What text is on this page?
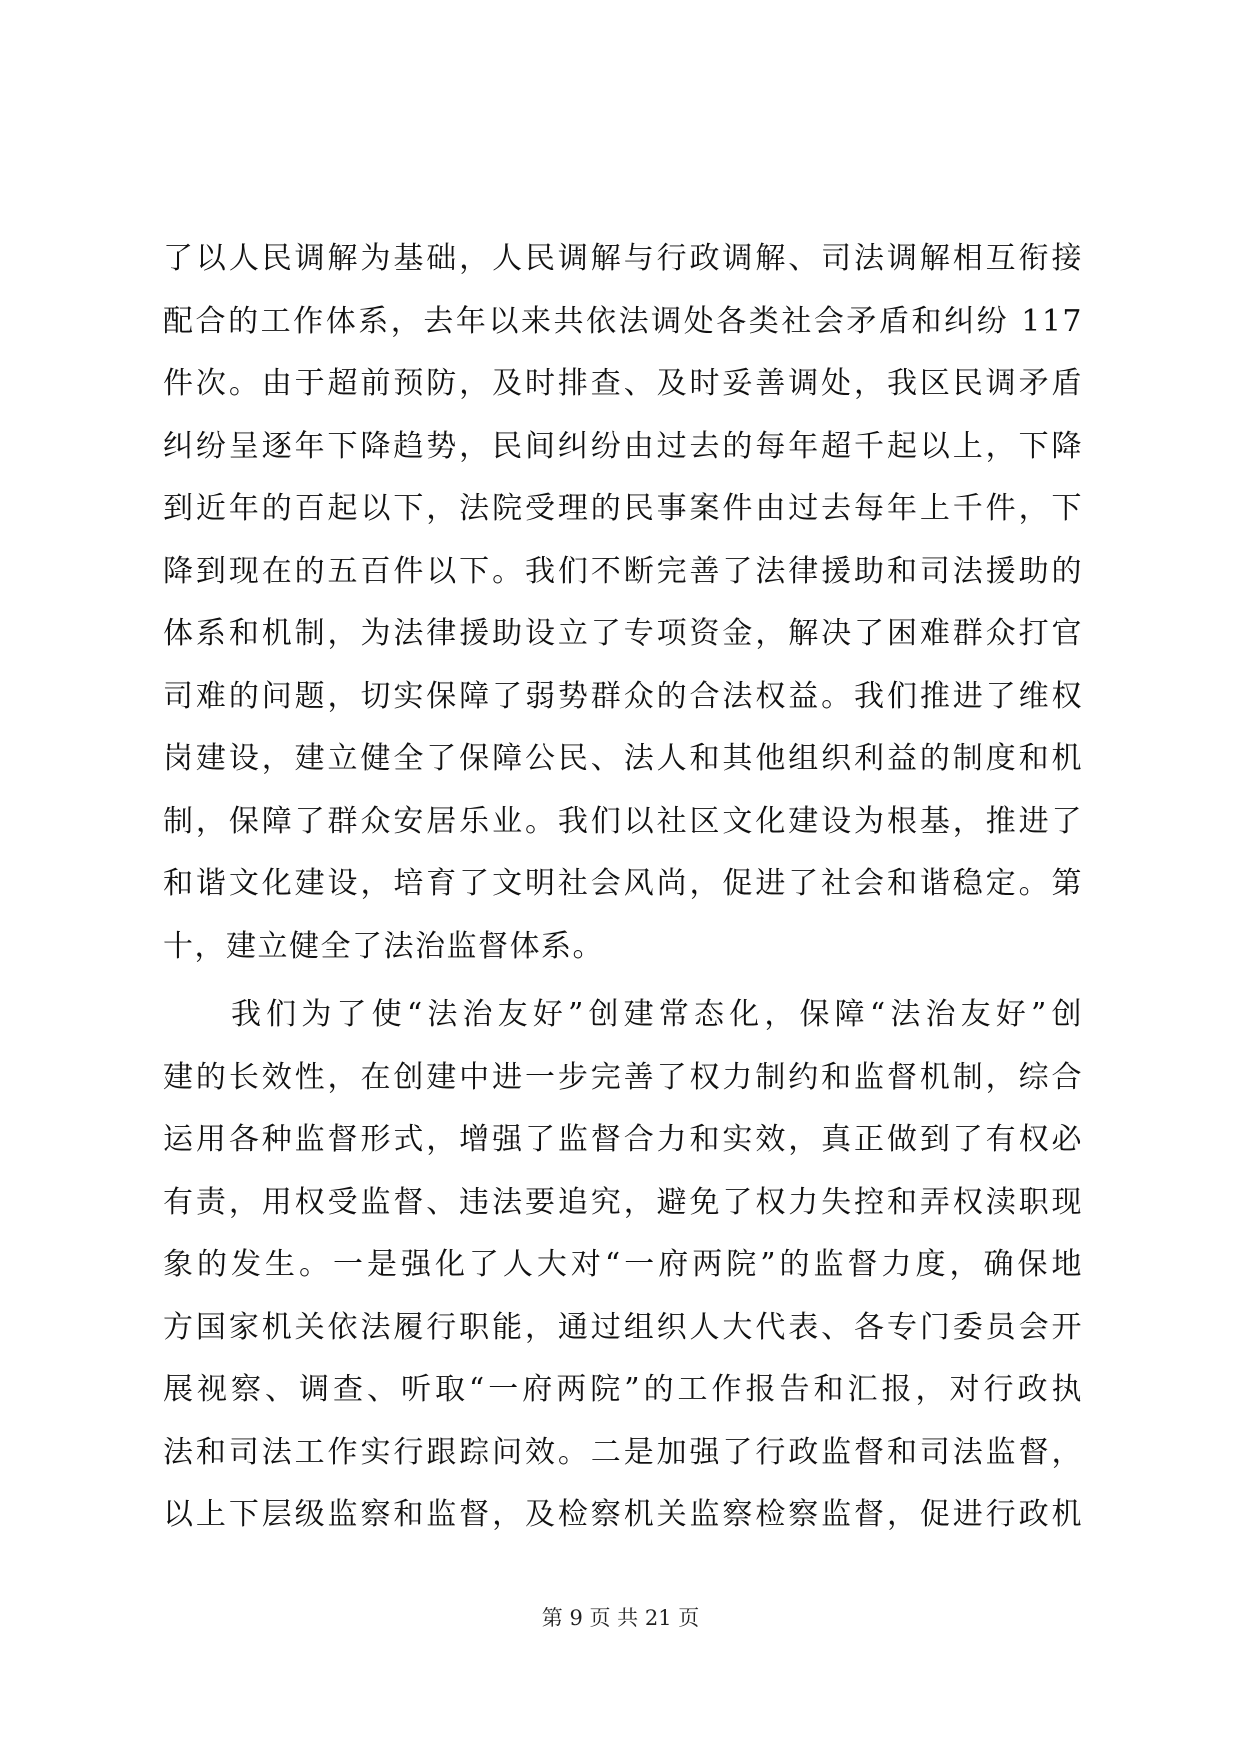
了以人民调解为基础，人民调解与行政调解、司法调解相互衔接
配合的工作体系，去年以来共依法调处各类社会矛盾和纠纷 117
件次。由于超前预防，及时排查、及时妥善调处，我区民调矛盾
纠纷呈逐年下降趋势，民间纠纷由过去的每年超千起以上，下降
到近年的百起以下，法院受理的民事案件由过去每年上千件，下
降到现在的五百件以下。我们不断完善了法律援助和司法援助的
体系和机制，为法律援助设立了专项资金，解决了困难群众打官
司难的问题，切实保障了弱势群众的合法权益。我们推进了维权
岗建设，建立健全了保障公民、法人和其他组织利益的制度和机
制，保障了群众安居乐业。我们以社区文化建设为根基，推进了
和谐文化建设，培育了文明社会风尚，促进了社会和谐稳定。第
十，建立健全了法治监督体系。
我们为了使“法治友好”创建常态化，保障“法治友好”创
建的长效性，在创建中进一步完善了权力制约和监督机制，综合
运用各种监督形式，增强了监督合力和实效，真正做到了有权必
有责，用权受监督、违法要追究，避免了权力失控和弄权渎职现
象的发生。一是强化了人大对“一府两院”的监督力度，确保地
方国家机关依法履行职能，通过组织人大代表、各专门委员会开
展视察、调查、听取“一府两院”的工作报告和汇报，对行政执
法和司法工作实行跟踪问效。二是加强了行政监督和司法监督，
以上下层级监察和监督，及检察机关监察检察监督，促进行政机
第 9 页 共 21 页
